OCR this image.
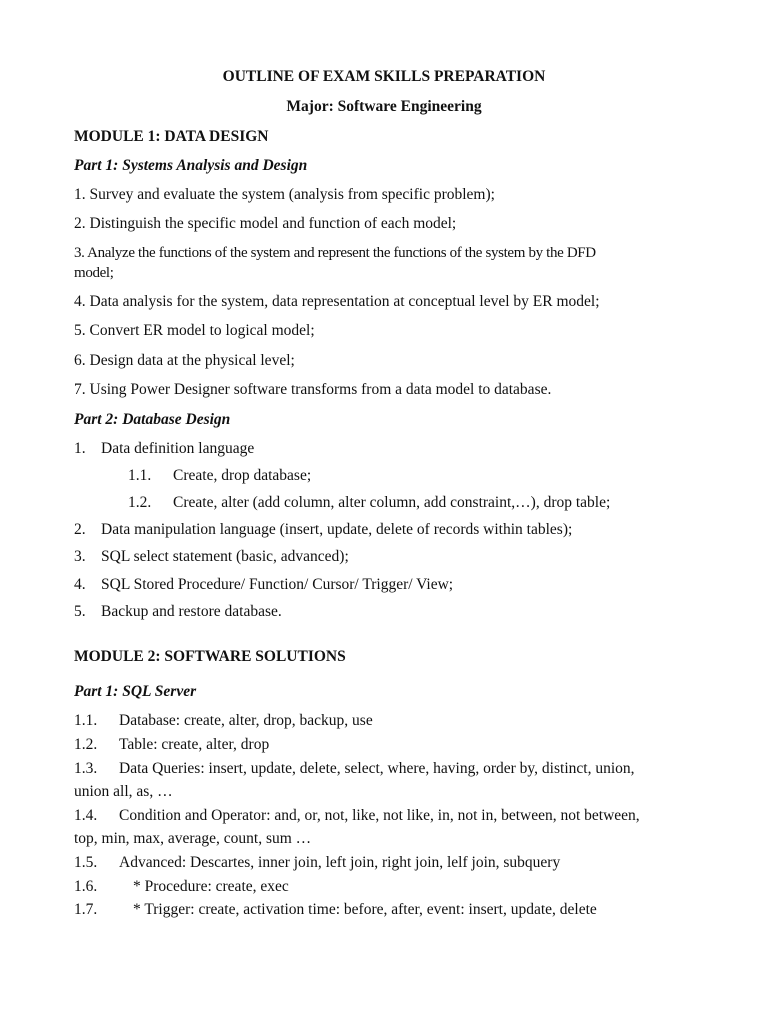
OUTLINE OF EXAM SKILLS PREPARATION
Major: Software Engineering
MODULE 1: DATA DESIGN
Part 1: Systems Analysis and Design
1. Survey and evaluate the system (analysis from specific problem);
2. Distinguish the specific model and function of each model;
3. Analyze the functions of the system and represent the functions of the system by the DFD
model;
4. Data analysis for the system, data representation at conceptual level by ER model;
5. Convert ER model to logical model;
6. Design data at the physical level;
7. Using Power Designer software transforms from a data model to database.
Part 2: Database Design
1. Data definition language
1.1. Create, drop database;
1.2. Create, alter (add column, alter column, add constraint,…), drop table;
2. Data manipulation language (insert, update, delete of records within tables);
3. SQL select statement (basic, advanced);
4. SQL Stored Procedure/ Function/ Cursor/ Trigger/ View;
5. Backup and restore database.
MODULE 2: SOFTWARE SOLUTIONS
Part 1: SQL Server
1.1. Database: create, alter, drop, backup, use
1.2. Table: create, alter, drop
1.3. Data Queries: insert, update, delete, select, where, having, order by, distinct, union,
union all, as, …
1.4. Condition and Operator: and, or, not, like, not like, in, not in, between, not between,
top, min, max, average, count, sum …
1.5. Advanced: Descartes, inner join, left join, right join, lelf join, subquery
1.6. * Procedure: create, exec
1.7. * Trigger: create, activation time: before, after, event: insert, update, delete
